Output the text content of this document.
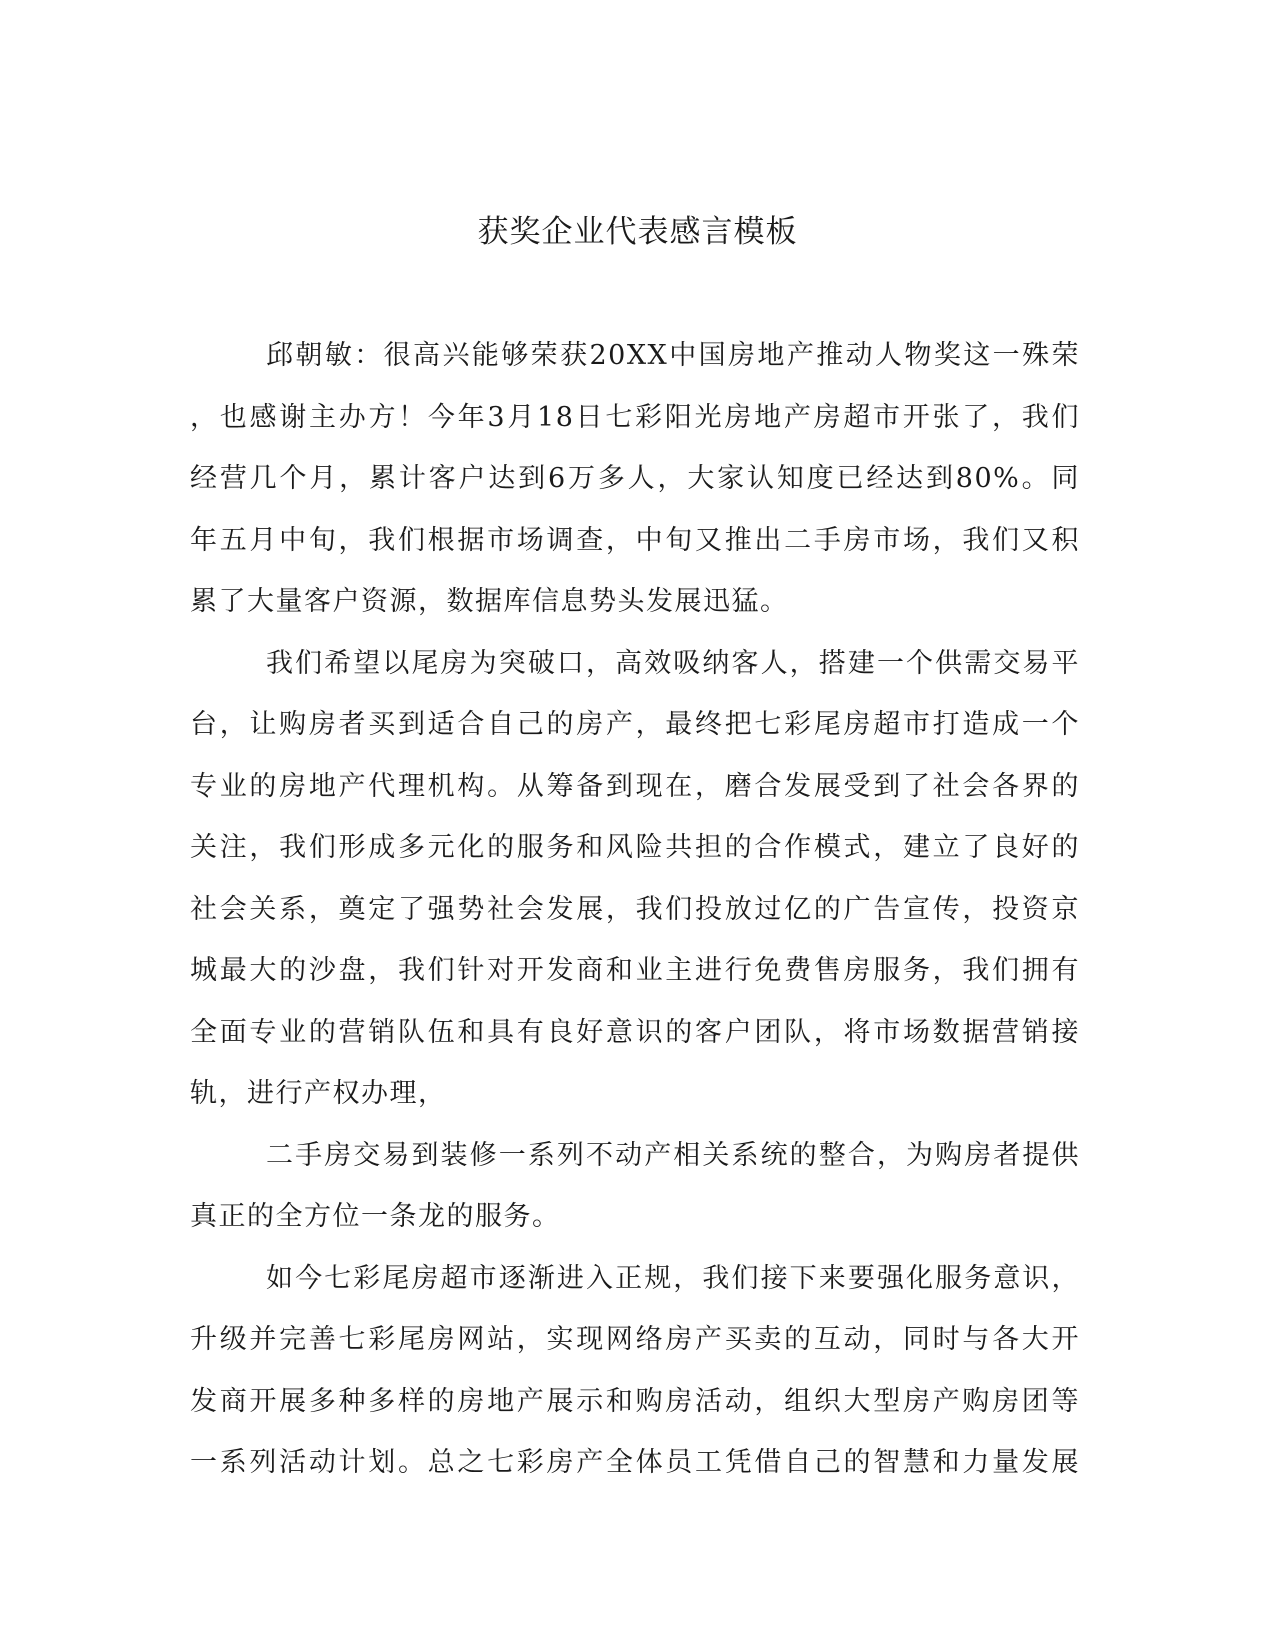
获奖企业代表感言模板
邱朝敏：很高兴能够荣获20XX中国房地产推动人物奖这一殊荣
，也感谢主办方！今年3月18日七彩阳光房地产房超市开张了，我们
经营几个月，累计客户达到6万多人，大家认知度已经达到80%。同
年五月中旬，我们根据市场调查，中旬又推出二手房市场，我们又积
累了大量客户资源，数据库信息势头发展迅猛。
我们希望以尾房为突破口，高效吸纳客人，搭建一个供需交易平
台，让购房者买到适合自己的房产，最终把七彩尾房超市打造成一个
专业的房地产代理机构。从筹备到现在，磨合发展受到了社会各界的
关注，我们形成多元化的服务和风险共担的合作模式，建立了良好的
社会关系，奠定了强势社会发展，我们投放过亿的广告宣传，投资京
城最大的沙盘，我们针对开发商和业主进行免费售房服务，我们拥有
全面专业的营销队伍和具有良好意识的客户团队，将市场数据营销接
轨，进行产权办理，
二手房交易到装修一系列不动产相关系统的整合，为购房者提供
真正的全方位一条龙的服务。
如今七彩尾房超市逐渐进入正规，我们接下来要强化服务意识，
升级并完善七彩尾房网站，实现网络房产买卖的互动，同时与各大开
发商开展多种多样的房地产展示和购房活动，组织大型房产购房团等
一系列活动计划。总之七彩房产全体员工凭借自己的智慧和力量发展
